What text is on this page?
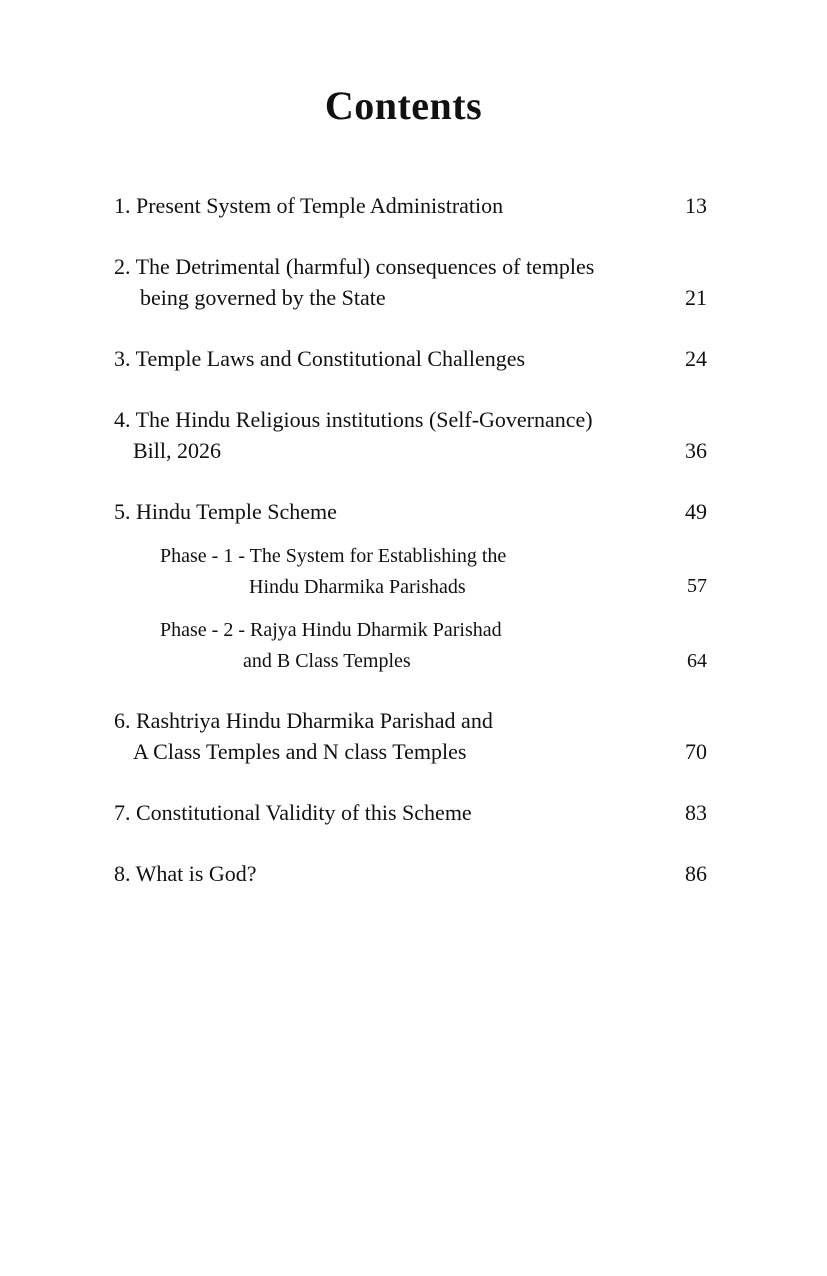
Contents
1. Present System of Temple Administration	13
2. The Detrimental (harmful) consequences of temples
being governed by the State	21
3. Temple Laws and Constitutional Challenges	24
4. The Hindu Religious institutions (Self-Governance)
Bill, 2026	36
5. Hindu Temple Scheme	49
Phase - 1 - The System for Establishing the
Hindu Dharmika Parishads	57
Phase - 2 - Rajya Hindu Dharmik Parishad
and B Class Temples	64
6. Rashtriya Hindu Dharmika Parishad and
A Class Temples and N class Temples	70
7. Constitutional Validity of this Scheme	83
8. What is God?	86
